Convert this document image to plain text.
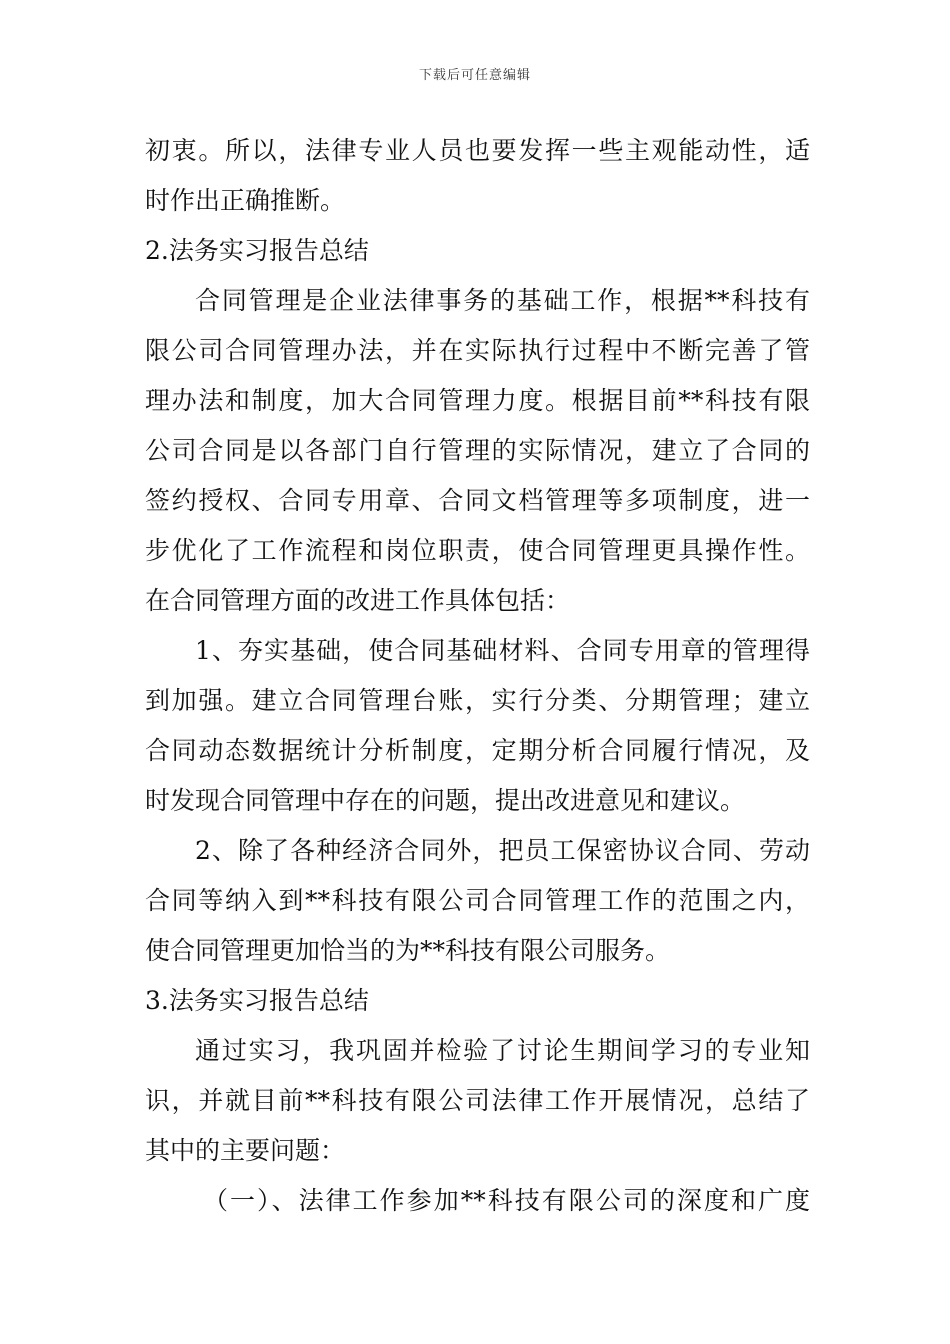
下载后可任意编辑
初衷。所以，法律专业人员也要发挥一些主观能动性，适
时作出正确推断。
2.法务实习报告总结
合同管理是企业法律事务的基础工作，根据**科技有
限公司合同管理办法，并在实际执行过程中不断完善了管
理办法和制度，加大合同管理力度。根据目前**科技有限
公司合同是以各部门自行管理的实际情况，建立了合同的
签约授权、合同专用章、合同文档管理等多项制度，进一
步优化了工作流程和岗位职责，使合同管理更具操作性。
在合同管理方面的改进工作具体包括：
1、夯实基础，使合同基础材料、合同专用章的管理得
到加强。建立合同管理台账，实行分类、分期管理；建立
合同动态数据统计分析制度，定期分析合同履行情况，及
时发现合同管理中存在的问题，提出改进意见和建议。
2、除了各种经济合同外，把员工保密协议合同、劳动
合同等纳入到**科技有限公司合同管理工作的范围之内，
使合同管理更加恰当的为**科技有限公司服务。
3.法务实习报告总结
通过实习，我巩固并检验了讨论生期间学习的专业知
识，并就目前**科技有限公司法律工作开展情况，总结了
其中的主要问题：
（一）、法律工作参加**科技有限公司的深度和广度
